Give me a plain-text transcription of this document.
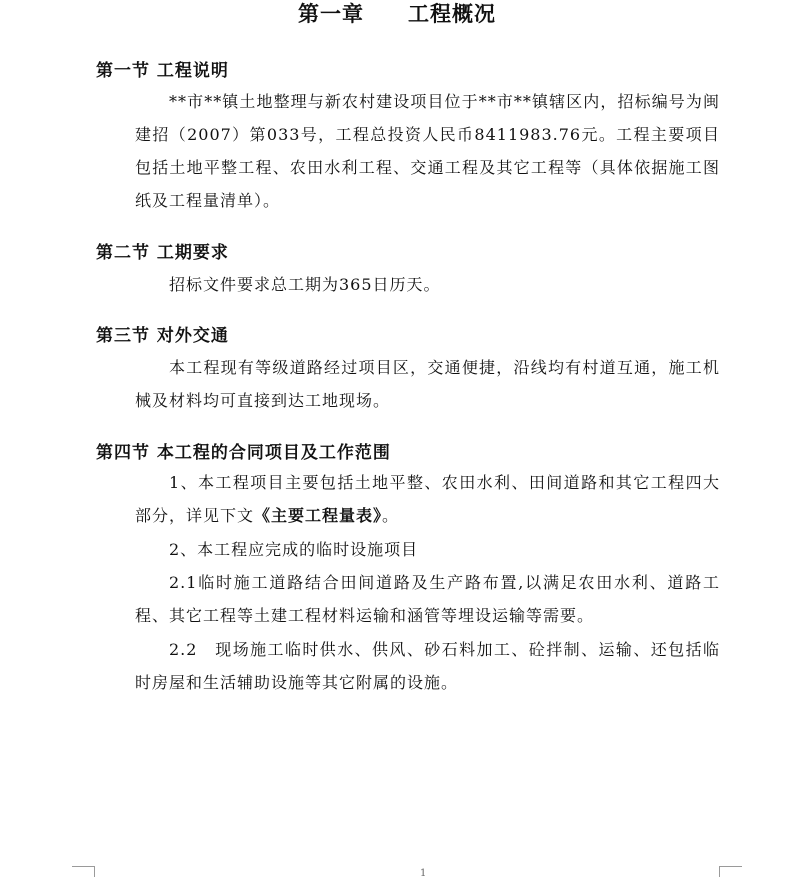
第一章　　工程概况
第一节 工程说明

**市**镇土地整理与新农村建设项目位于**市**镇辖区内，招标编号为闽建招（2007）第033号，工程总投资人民币8411983.76元。工程主要项目包括土地平整工程、农田水利工程、交通工程及其它工程等（具体依据施工图纸及工程量清单）。

第二节 工期要求

招标文件要求总工期为365日历天。

第三节 对外交通

本工程现有等级道路经过项目区，交通便捷，沿线均有村道互通，施工机械及材料均可直接到达工地现场。

第四节 本工程的合同项目及工作范围

1、本工程项目主要包括土地平整、农田水利、田间道路和其它工程四大部分，详见下文《主要工程量表》。

2、本工程应完成的临时设施项目

2.1临时施工道路结合田间道路及生产路布置,以满足农田水利、道路工程、其它工程等土建工程材料运输和涵管等埋设运输等需要。

2.2　现场施工临时供水、供风、砂石料加工、砼拌制、运输、还包括临时房屋和生活辅助设施等其它附属的设施。

1
